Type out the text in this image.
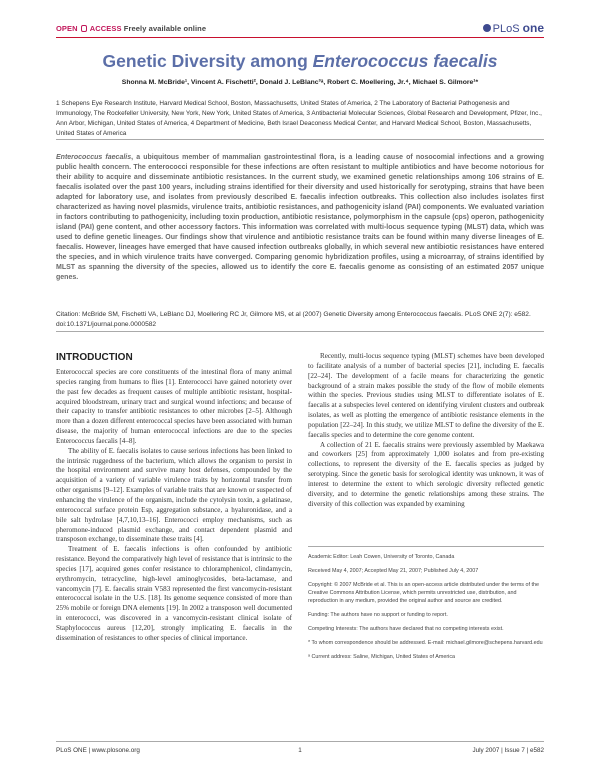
OPEN ACCESS Freely available online	PLoS one
Genetic Diversity among Enterococcus faecalis
Shonna M. McBride¹, Vincent A. Fischetti², Donald J. LeBlanc³ᵃ, Robert C. Moellering, Jr.⁴, Michael S. Gilmore¹*
1 Schepens Eye Research Institute, Harvard Medical School, Boston, Massachusetts, United States of America, 2 The Laboratory of Bacterial Pathogenesis and Immunology, The Rockefeller University, New York, New York, United States of America, 3 Antibacterial Molecular Sciences, Global Research and Development, Pfizer, Inc., Ann Arbor, Michigan, United States of America, 4 Department of Medicine, Beth Israel Deaconess Medical Center, and Harvard Medical School, Boston, Massachusetts, United States of America
Enterococcus faecalis, a ubiquitous member of mammalian gastrointestinal flora, is a leading cause of nosocomial infections and a growing public health concern. The enterococci responsible for these infections are often resistant to multiple antibiotics and have become notorious for their ability to acquire and disseminate antibiotic resistances. In the current study, we examined genetic relationships among 106 strains of E. faecalis isolated over the past 100 years, including strains identified for their diversity and used historically for serotyping, strains that have been adapted for laboratory use, and isolates from previously described E. faecalis infection outbreaks. This collection also includes isolates first characterized as having novel plasmids, virulence traits, antibiotic resistances, and pathogenicity island (PAI) components. We evaluated variation in factors contributing to pathogenicity, including toxin production, antibiotic resistance, polymorphism in the capsule (cps) operon, pathogenicity island (PAI) gene content, and other accessory factors. This information was correlated with multi-locus sequence typing (MLST) data, which was used to define genetic lineages. Our findings show that virulence and antibiotic resistance traits can be found within many diverse lineages of E. faecalis. However, lineages have emerged that have caused infection outbreaks globally, in which several new antibiotic resistances have entered the species, and in which virulence traits have converged. Comparing genomic hybridization profiles, using a microarray, of strains identified by MLST as spanning the diversity of the species, allowed us to identify the core E. faecalis genome as consisting of an estimated 2057 unique genes.
Citation: McBride SM, Fischetti VA, LeBlanc DJ, Moellering RC Jr, Gilmore MS, et al (2007) Genetic Diversity among Enterococcus faecalis. PLoS ONE 2(7): e582. doi:10.1371/journal.pone.0000582
INTRODUCTION

Enterococcal species are core constituents of the intestinal flora of many animal species ranging from humans to flies [1]. Enterococci have gained notoriety over the past few decades as frequent causes of multiple antibiotic resistant, hospital-acquired bloodstream, urinary tract and surgical wound infections; and because of their capacity to transfer antibiotic resistances to other microbes [2–5]. Although more than a dozen different enterococcal species have been associated with human disease, the majority of human enterococcal infections are due to the species Enterococcus faecalis [4–8].

The ability of E. faecalis isolates to cause serious infections has been linked to the intrinsic ruggedness of the bacterium, which allows the organism to persist in the hospital environment and survive many host defenses, compounded by the acquisition of a variety of variable virulence traits by horizontal transfer from other organisms [9–12]. Examples of variable traits that are known or suspected of enhancing the virulence of the organism, include the cytolysin toxin, a gelatinase, enterococcal surface protein Esp, aggregation substance, a hyaluronidase, and a bile salt hydrolase [4,7,10,13–16]. Enterococci employ mechanisms, such as pheromone-induced plasmid exchange, and contact dependent plasmid and transposon exchange, to disseminate these traits [4].

Treatment of E. faecalis infections is often confounded by antibiotic resistance. Beyond the comparatively high level of resistance that is intrinsic to the species [17], acquired genes confer resistance to chloramphenicol, clindamycin, erythromycin, tetracycline, high-level aminoglycosides, beta-lactamase, and vancomycin [7]. E. faecalis strain V583 represented the first vancomycin-resistant enterococcal isolate in the U.S. [18]. Its genome sequence consisted of more than 25% mobile or foreign DNA elements [19]. In 2002 a transposon well documented in enterococci, was discovered in a vancomycin-resistant clinical isolate of Staphylococcus aureus [12,20], strongly implicating E. faecalis in the dissemination of resistances to other species of clinical importance.

Recently, multi-locus sequence typing (MLST) schemes have been developed to facilitate analysis of a number of bacterial species [21], including E. faecalis [22–24]. The development of a facile means for characterizing the genetic background of a strain makes possible the study of the flow of mobile elements within the species. Previous studies using MLST to differentiate isolates of E. faecalis at a subspecies level centered on identifying virulent clusters and outbreak isolates, as well as plotting the emergence of antibiotic resistance elements in the population [22–24]. In this study, we utilize MLST to define the diversity of the E. faecalis species and to determine the core genome content.

A collection of 21 E. faecalis strains were previously assembled by Maekawa and coworkers [25] from approximately 1,000 isolates and from pre-existing collections, to represent the diversity of the E. faecalis species as judged by serotyping. Since the genetic basis for serological identity was unknown, it was of interest to determine the extent to which serologic diversity reflected genetic diversity, and to determine the genetic relationships among these strains. The diversity of this collection was expanded by examining

Academic Editor: Leah Cowen, University of Toronto, Canada
Received May 4, 2007; Accepted May 21, 2007; Published July 4, 2007
Copyright: © 2007 McBride et al. This is an open-access article distributed under the terms of the Creative Commons Attribution License, which permits unrestricted use, distribution, and reproduction in any medium, provided the original author and source are credited.
Funding: The authors have no support or funding to report.
Competing Interests: The authors have declared that no competing interests exist.
* To whom correspondence should be addressed. E-mail: michael.gilmore@schepens.harvard.edu
ᵃ Current address: Saline, Michigan, United States of America
PLoS ONE | www.plosone.org	1	July 2007 | Issue 7 | e582
